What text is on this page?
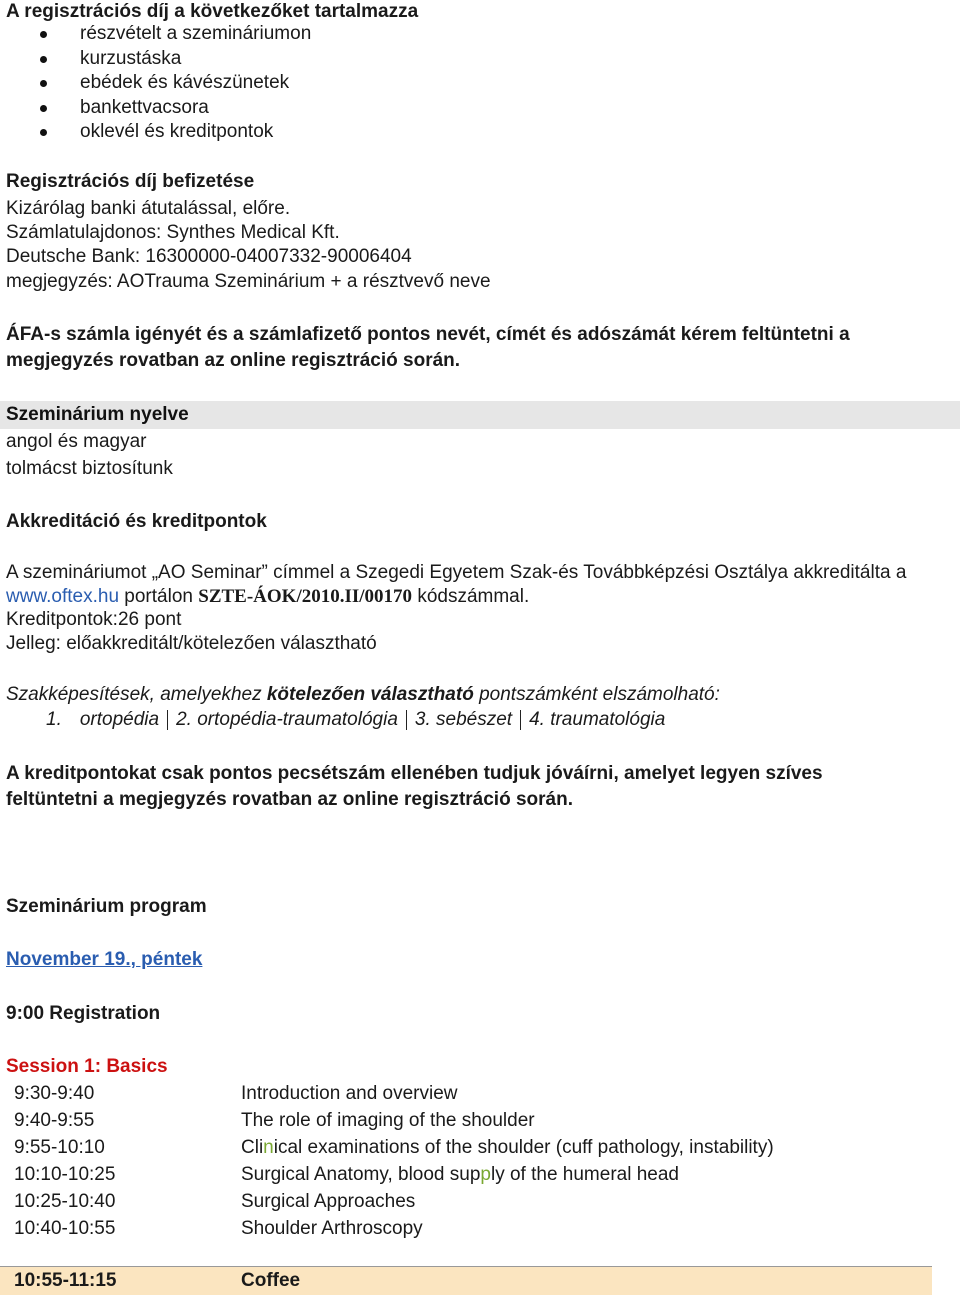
A regisztrációs díj a következőket tartalmazza
részvételt a szemináriumon
kurzustáska
ebédek és kávészünetek
bankettvacsora
oklevél és kreditpontok
Regisztrációs díj befizetése
Kizárólag banki átutalással, előre.
Számlatulajdonos: Synthes Medical Kft.
Deutsche Bank: 16300000-04007332-90006404
megjegyzés: AOTrauma Szeminárium + a résztvevő neve
ÁFA-s számla igényét és a számlafizető pontos nevét, címét és adószámát kérem feltüntetni a
megjegyzés rovatban az online regisztráció során.
Szeminárium nyelve
angol és magyar
tolmácst biztosítunk
Akkreditáció és kreditpontok
A szemináriumot „AO Seminar” címmel a Szegedi Egyetem Szak-és Továbbképzési Osztálya akkreditálta a
www.oftex.hu portálon SZTE-ÁOK/2010.II/00170 kódszámmal.
Kreditpontok:26 pont
Jelleg: előakkreditált/kötelezően választható
Szakképesítések, amelyekhez kötelezően választható pontszámként elszámolható:
1. ortopédia 2. ortopédia-traumatológia 3. sebészet 4. traumatológia
A kreditpontokat csak pontos pecsétszám ellenében tudjuk jóváírni, amelyet legyen szíves
feltüntetni a megjegyzés rovatban az online regisztráció során.
Szeminárium program
November 19., péntek
9:00 Registration
Session 1: Basics
9:30-9:40	Introduction and overview
9:40-9:55	The role of imaging of the shoulder
9:55-10:10	Clinical examinations of the shoulder (cuff pathology, instability)
10:10-10:25	Surgical Anatomy, blood supply of the humeral head
10:25-10:40	Surgical Approaches
10:40-10:55	Shoulder Arthroscopy
10:55-11:15	Coffee
